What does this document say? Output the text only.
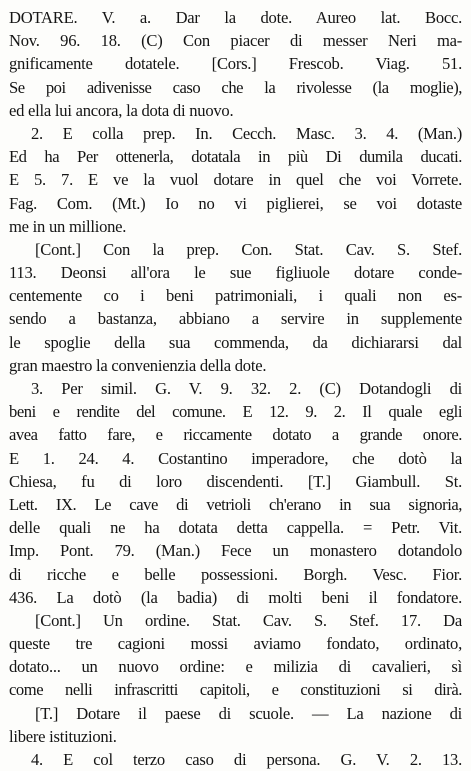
DOTARE. V. a. Dar la dote. Aureo lat. Bocc.
Nov. 96. 18. (C) Con piacer di messer Neri ma-
gnificamente dotatele. [Cors.] Frescob. Viag. 51.
Se poi adivenisse caso che la rivolesse (la moglie),
ed ella lui ancora, la dota di nuovo.
2. E colla prep. In. Cecch. Masc. 3. 4. (Man.)
Ed ha Per ottenerla, dotatala in più Di dumila ducati.
E 5. 7. E ve la vuol dotare in quel che voi Vorrete.
Fag. Com. (Mt.) Io no vi piglierei, se voi dotaste
me in un millione.
[Cont.] Con la prep. Con. Stat. Cav. S. Stef.
113. Deonsi all'ora le sue figliuole dotare conde-
centemente co i beni patrimoniali, i quali non es-
sendo a bastanza, abbiano a servire in supplemente
le spoglie della sua commenda, da dichiararsi dal
gran maestro la convenienzia della dote.
3. Per simil. G. V. 9. 32. 2. (C) Dotandogli di
beni e rendite del comune. E 12. 9. 2. Il quale egli
avea fatto fare, e riccamente dotato a grande onore.
E 1. 24. 4. Costantino imperadore, che dotò la
Chiesa, fu di loro discendenti. [T.] Giambull. St.
Lett. IX. Le cave di vetrioli ch'erano in sua signoria,
delle quali ne ha dotata detta cappella. = Petr. Vit.
Imp. Pont. 79. (Man.) Fece un monastero dotandolo
di ricche e belle possessioni. Borgh. Vesc. Fior.
436. La dotò (la badia) di molti beni il fondatore.
[Cont.] Un ordine. Stat. Cav. S. Stef. 17. Da
queste tre cagioni mossi aviamo fondato, ordinato,
dotato... un nuovo ordine: e milizia di cavalieri, sì
come nelli infrascritti capitoli, e constituzioni si dirà.
[T.] Dotare il paese di scuole. — La nazione di
libere istituzioni.
4. E col terzo caso di persona. G. V. 2. 13.
